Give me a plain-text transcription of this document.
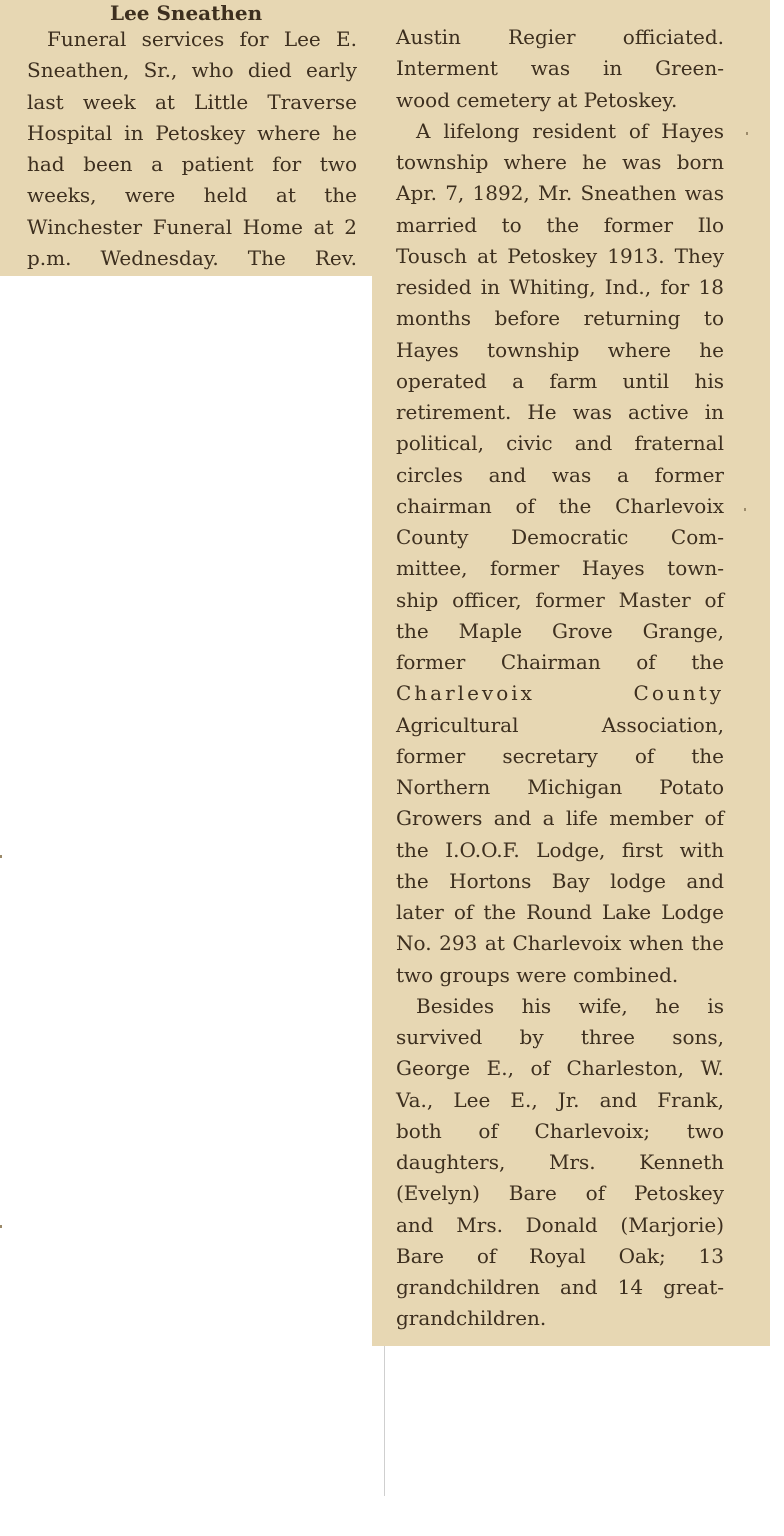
Lee Sneathen
Funeral services for Lee E.
Sneathen, Sr., who died early
last week at Little Traverse
Hospital in Petoskey where he
had been a patient for two
weeks, were held at the
Winchester Funeral Home at 2
p.m. Wednesday. The Rev.
Austin Regier officiated.
Interment was in Green-
wood cemetery at Petoskey.
A lifelong resident of Hayes
township where he was born
Apr. 7, 1892, Mr. Sneathen was
married to the former Ilo
Tousch at Petoskey 1913. They
resided in Whiting, Ind., for 18
months before returning to
Hayes township where he
operated a farm until his
retirement. He was active in
political, civic and fraternal
circles and was a former
chairman of the Charlevoix
County Democratic Com-
mittee, former Hayes town-
ship officer, former Master of
the Maple Grove Grange,
former Chairman of the
Charlevoix County
Agricultural Association,
former secretary of the
Northern Michigan Potato
Growers and a life member of
the I.O.O.F. Lodge, first with
the Hortons Bay lodge and
later of the Round Lake Lodge
No. 293 at Charlevoix when the
two groups were combined.
Besides his wife, he is
survived by three sons,
George E., of Charleston, W.
Va., Lee E., Jr. and Frank,
both of Charlevoix; two
daughters, Mrs. Kenneth
(Evelyn) Bare of Petoskey
and Mrs. Donald (Marjorie)
Bare of Royal Oak; 13
grandchildren and 14 great-
grandchildren.
